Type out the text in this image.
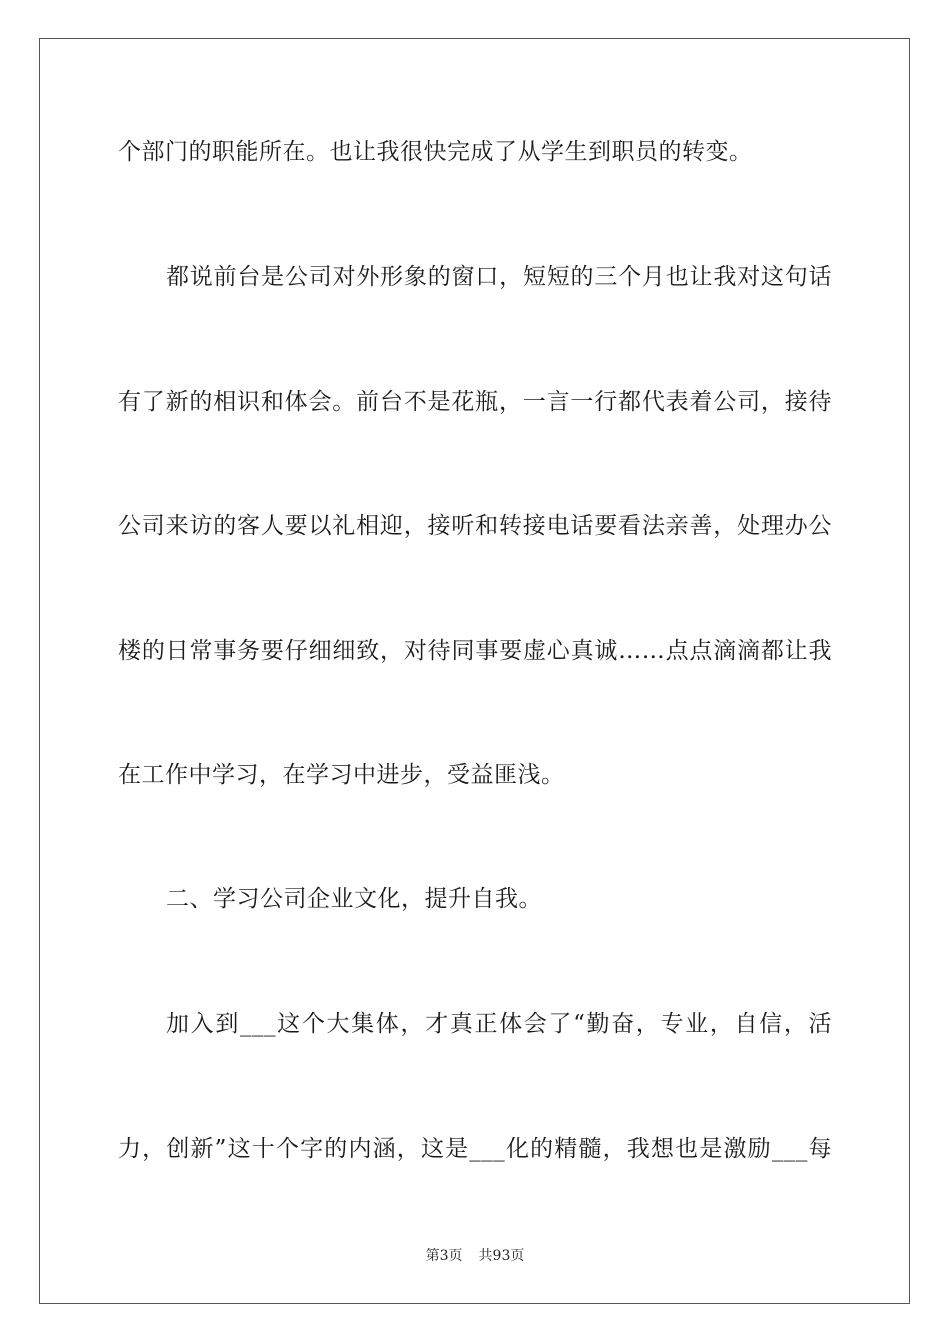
个部门的职能所在。也让我很快完成了从学生到职员的转变。
都说前台是公司对外形象的窗口，短短的三个月也让我对这句话
有了新的相识和体会。前台不是花瓶，一言一行都代表着公司，接待
公司来访的客人要以礼相迎，接听和转接电话要看法亲善，处理办公
楼的日常事务要仔细细致，对待同事要虚心真诚……点点滴滴都让我
在工作中学习，在学习中进步，受益匪浅。
二、学习公司企业文化，提升自我。
加入到___这个大集体，才真正体会了“勤奋，专业，自信，活
力，创新”这十个字的内涵，这是___化的精髓，我想也是激励___每
第3页 共93页
